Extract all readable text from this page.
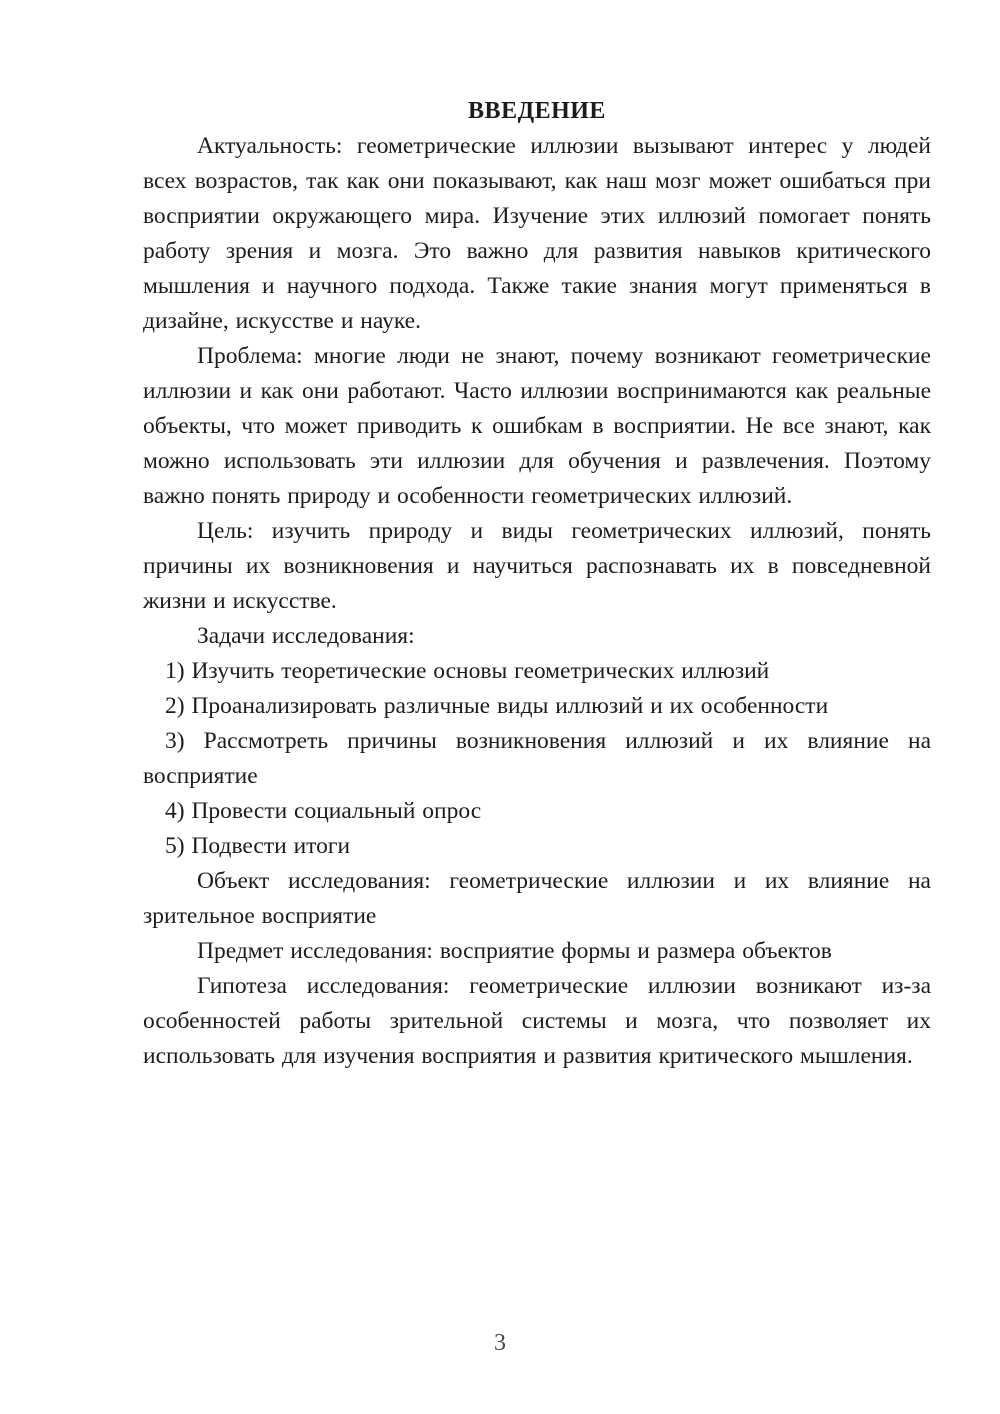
ВВЕДЕНИЕ

Актуальность: геометрические иллюзии вызывают интерес у людей всех возрастов, так как они показывают, как наш мозг может ошибаться при восприятии окружающего мира. Изучение этих иллюзий помогает понять работу зрения и мозга. Это важно для развития навыков критического мышления и научного подхода. Также такие знания могут применяться в дизайне, искусстве и науке.

Проблема: многие люди не знают, почему возникают геометрические иллюзии и как они работают. Часто иллюзии воспринимаются как реальные объекты, что может приводить к ошибкам в восприятии. Не все знают, как можно использовать эти иллюзии для обучения и развлечения. Поэтому важно понять природу и особенности геометрических иллюзий.

Цель: изучить природу и виды геометрических иллюзий, понять причины их возникновения и научиться распознавать их в повседневной жизни и искусстве.

Задачи исследования:

1) Изучить теоретические основы геометрических иллюзий

2) Проанализировать различные виды иллюзий и их особенности

3) Рассмотреть причины возникновения иллюзий и их влияние на восприятие

4) Провести социальный опрос

5) Подвести итоги

Объект исследования: геометрические иллюзии и их влияние на зрительное восприятие

Предмет исследования: восприятие формы и размера объектов

Гипотеза исследования: геометрические иллюзии возникают из-за особенностей работы зрительной системы и мозга, что позволяет их использовать для изучения восприятия и развития критического мышления.

3
